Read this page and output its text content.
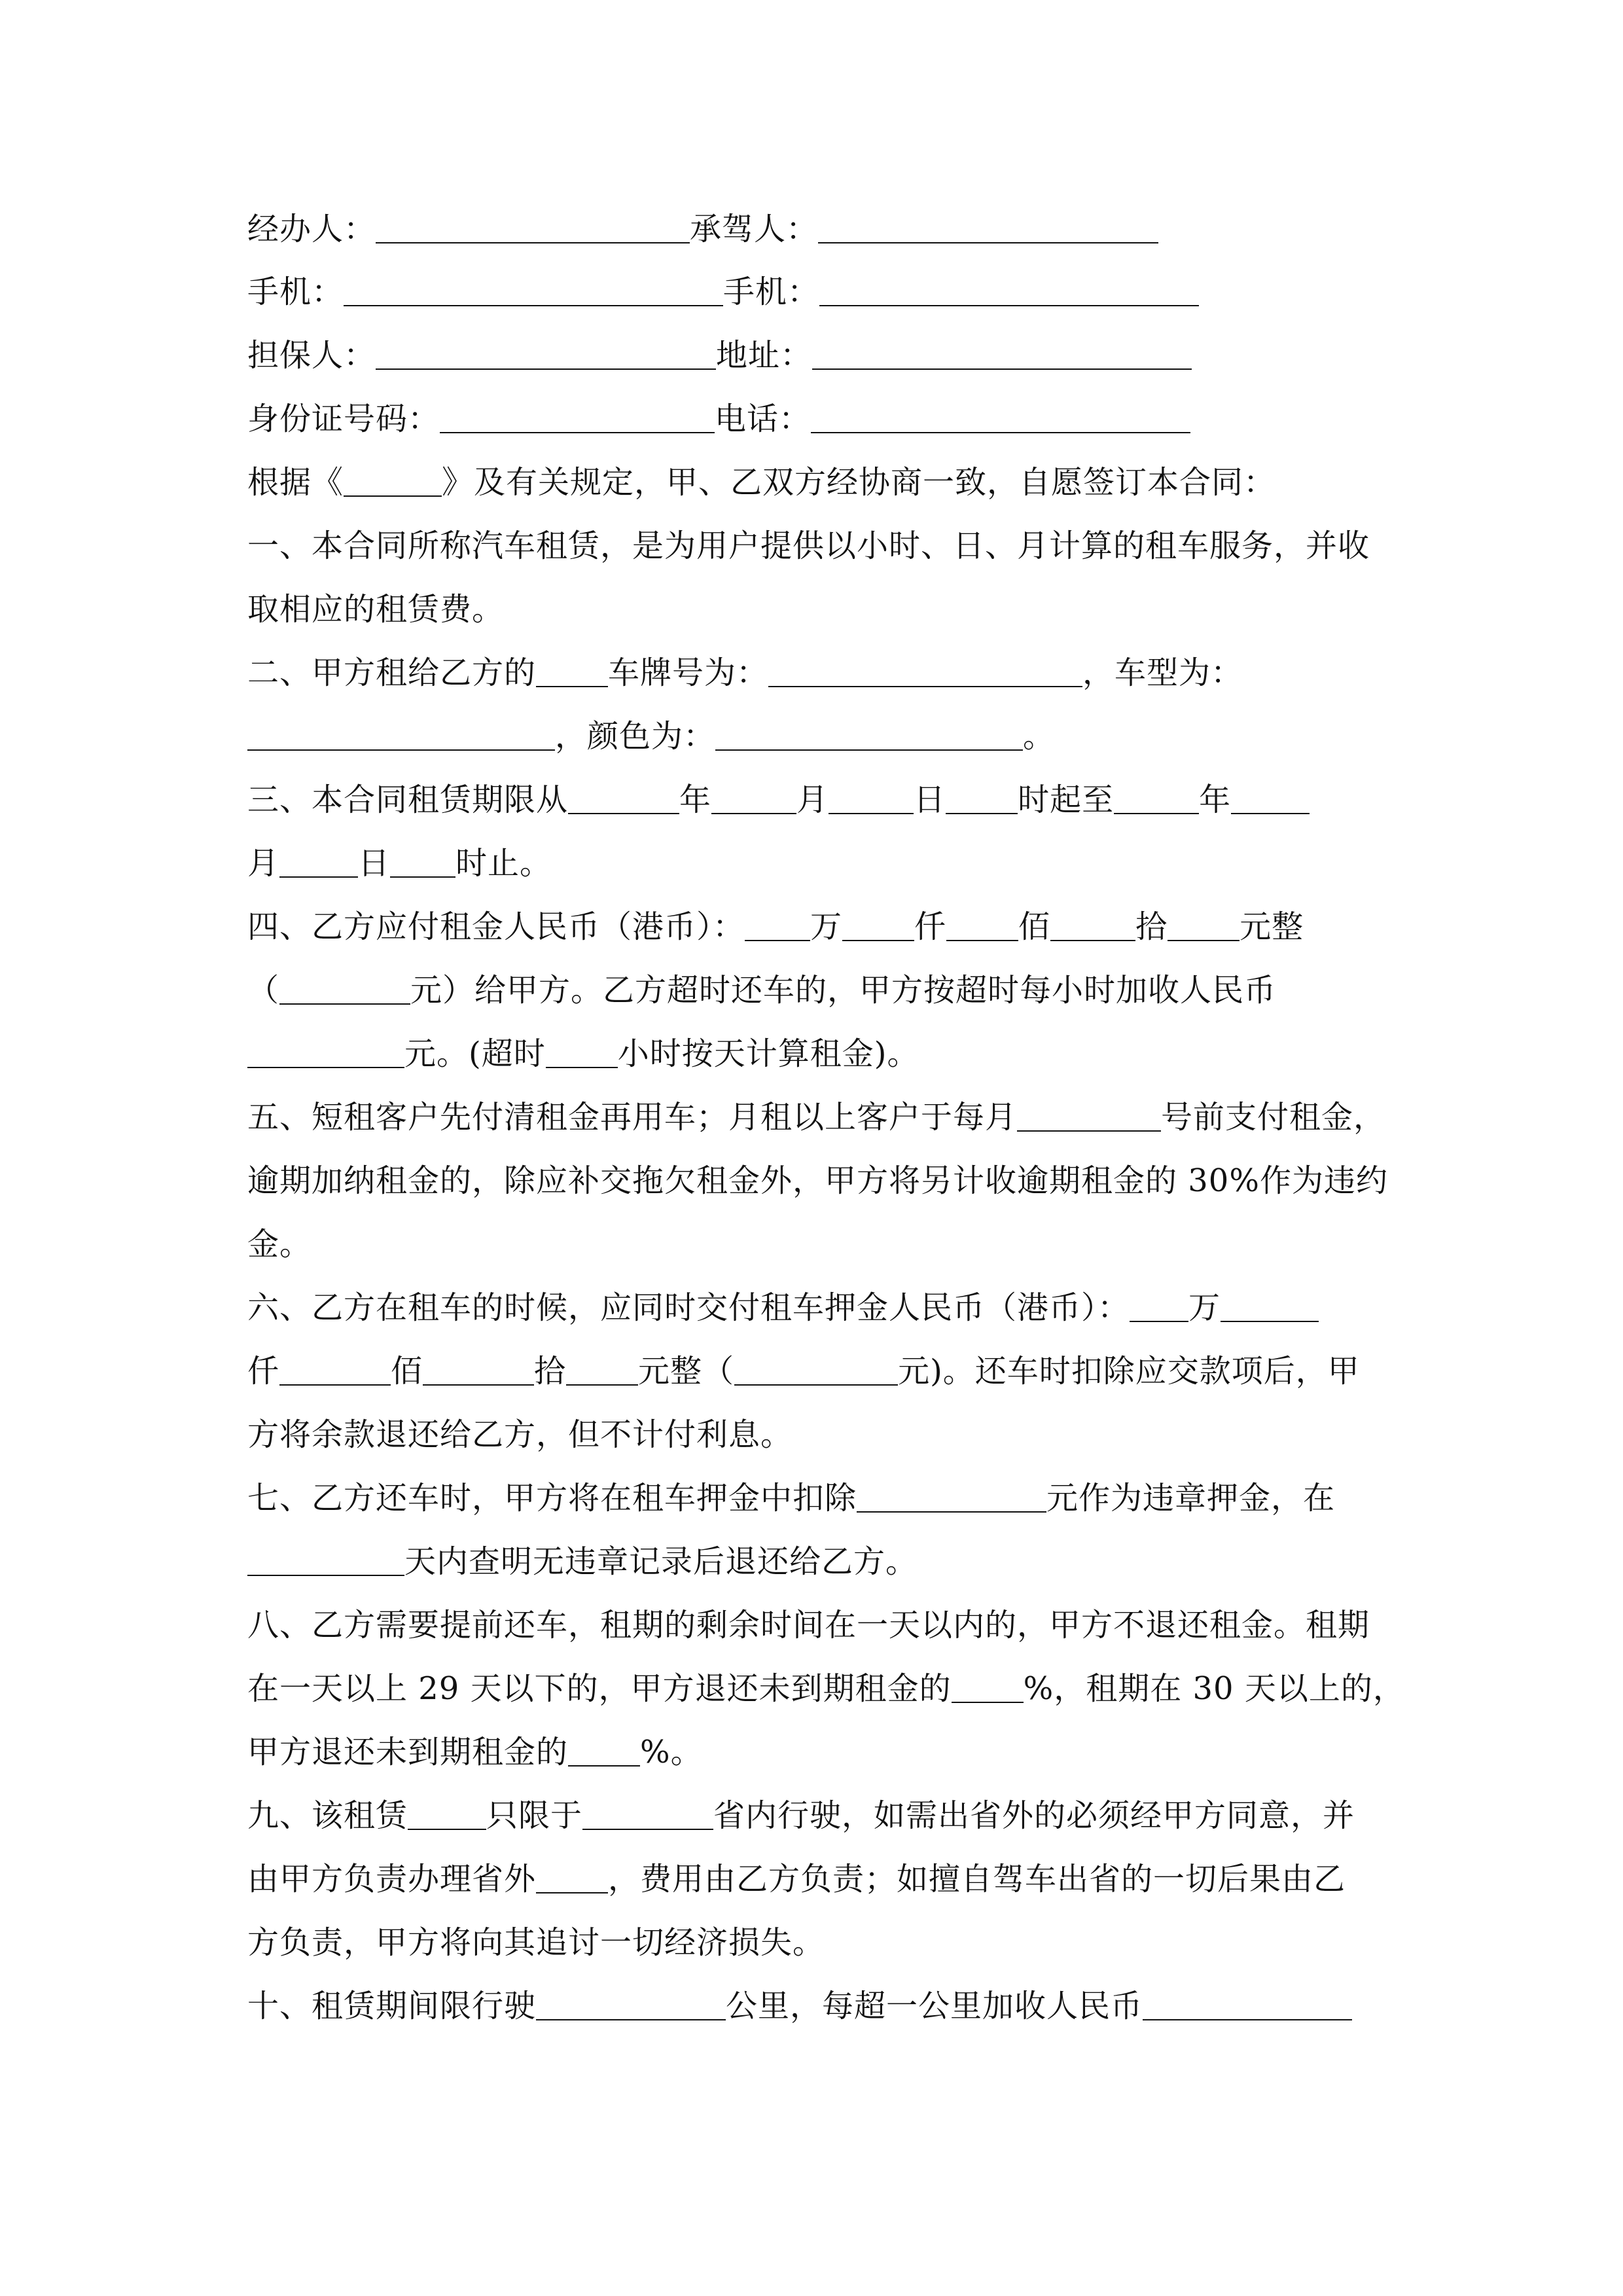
经办人：	承驾人：
手机：	手机：
担保人：	地址：
身份证号码：	电话：
根据《	》及有关规定，甲、乙双方经协商一致，自愿签订本合同：
一、本合同所称汽车租赁，是为用户提供以小时、日、月计算的租车服务，并收
取相应的租赁费。
二、甲方租给乙方的 车牌号为：	，车型为：
，颜色为：	。
三、本合同租赁期限从	年	月	日 时起至	年
月	日 时止。
四、乙方应付租金人民币（港币）： 万 仟 佰	拾 元整
（	元）给甲方。乙方超时还车的，甲方按超时每小时加收人民币
元。(超时 小时按天计算租金)。
五、短租客户先付清租金再用车；月租以上客户于每月	号前支付租金，
逾期加纳租金的，除应补交拖欠租金外，甲方将另计收逾期租金的 30%作为违约
金。
六、乙方在租车的时候，应同时交付租车押金人民币（港币）： 万
仟	佰	拾 元整（	元)。还车时扣除应交款项后，甲
方将余款退还给乙方，但不计付利息。
七、乙方还车时，甲方将在租车押金中扣除	元作为违章押金，在
天内查明无违章记录后退还给乙方。
八、乙方需要提前还车，租期的剩余时间在一天以内的，甲方不退还租金。租期
在一天以上 29 天以下的，甲方退还未到期租金的 %，租期在 30 天以上的，
甲方退还未到期租金的 %。
九、该租赁	只限于	省内行驶，如需出省外的必须经甲方同意，并
由甲方负责办理省外 ，费用由乙方负责；如擅自驾车出省的一切后果由乙
方负责，甲方将向其追讨一切经济损失。
十、租赁期间限行驶	公里，每超一公里加收人民币
